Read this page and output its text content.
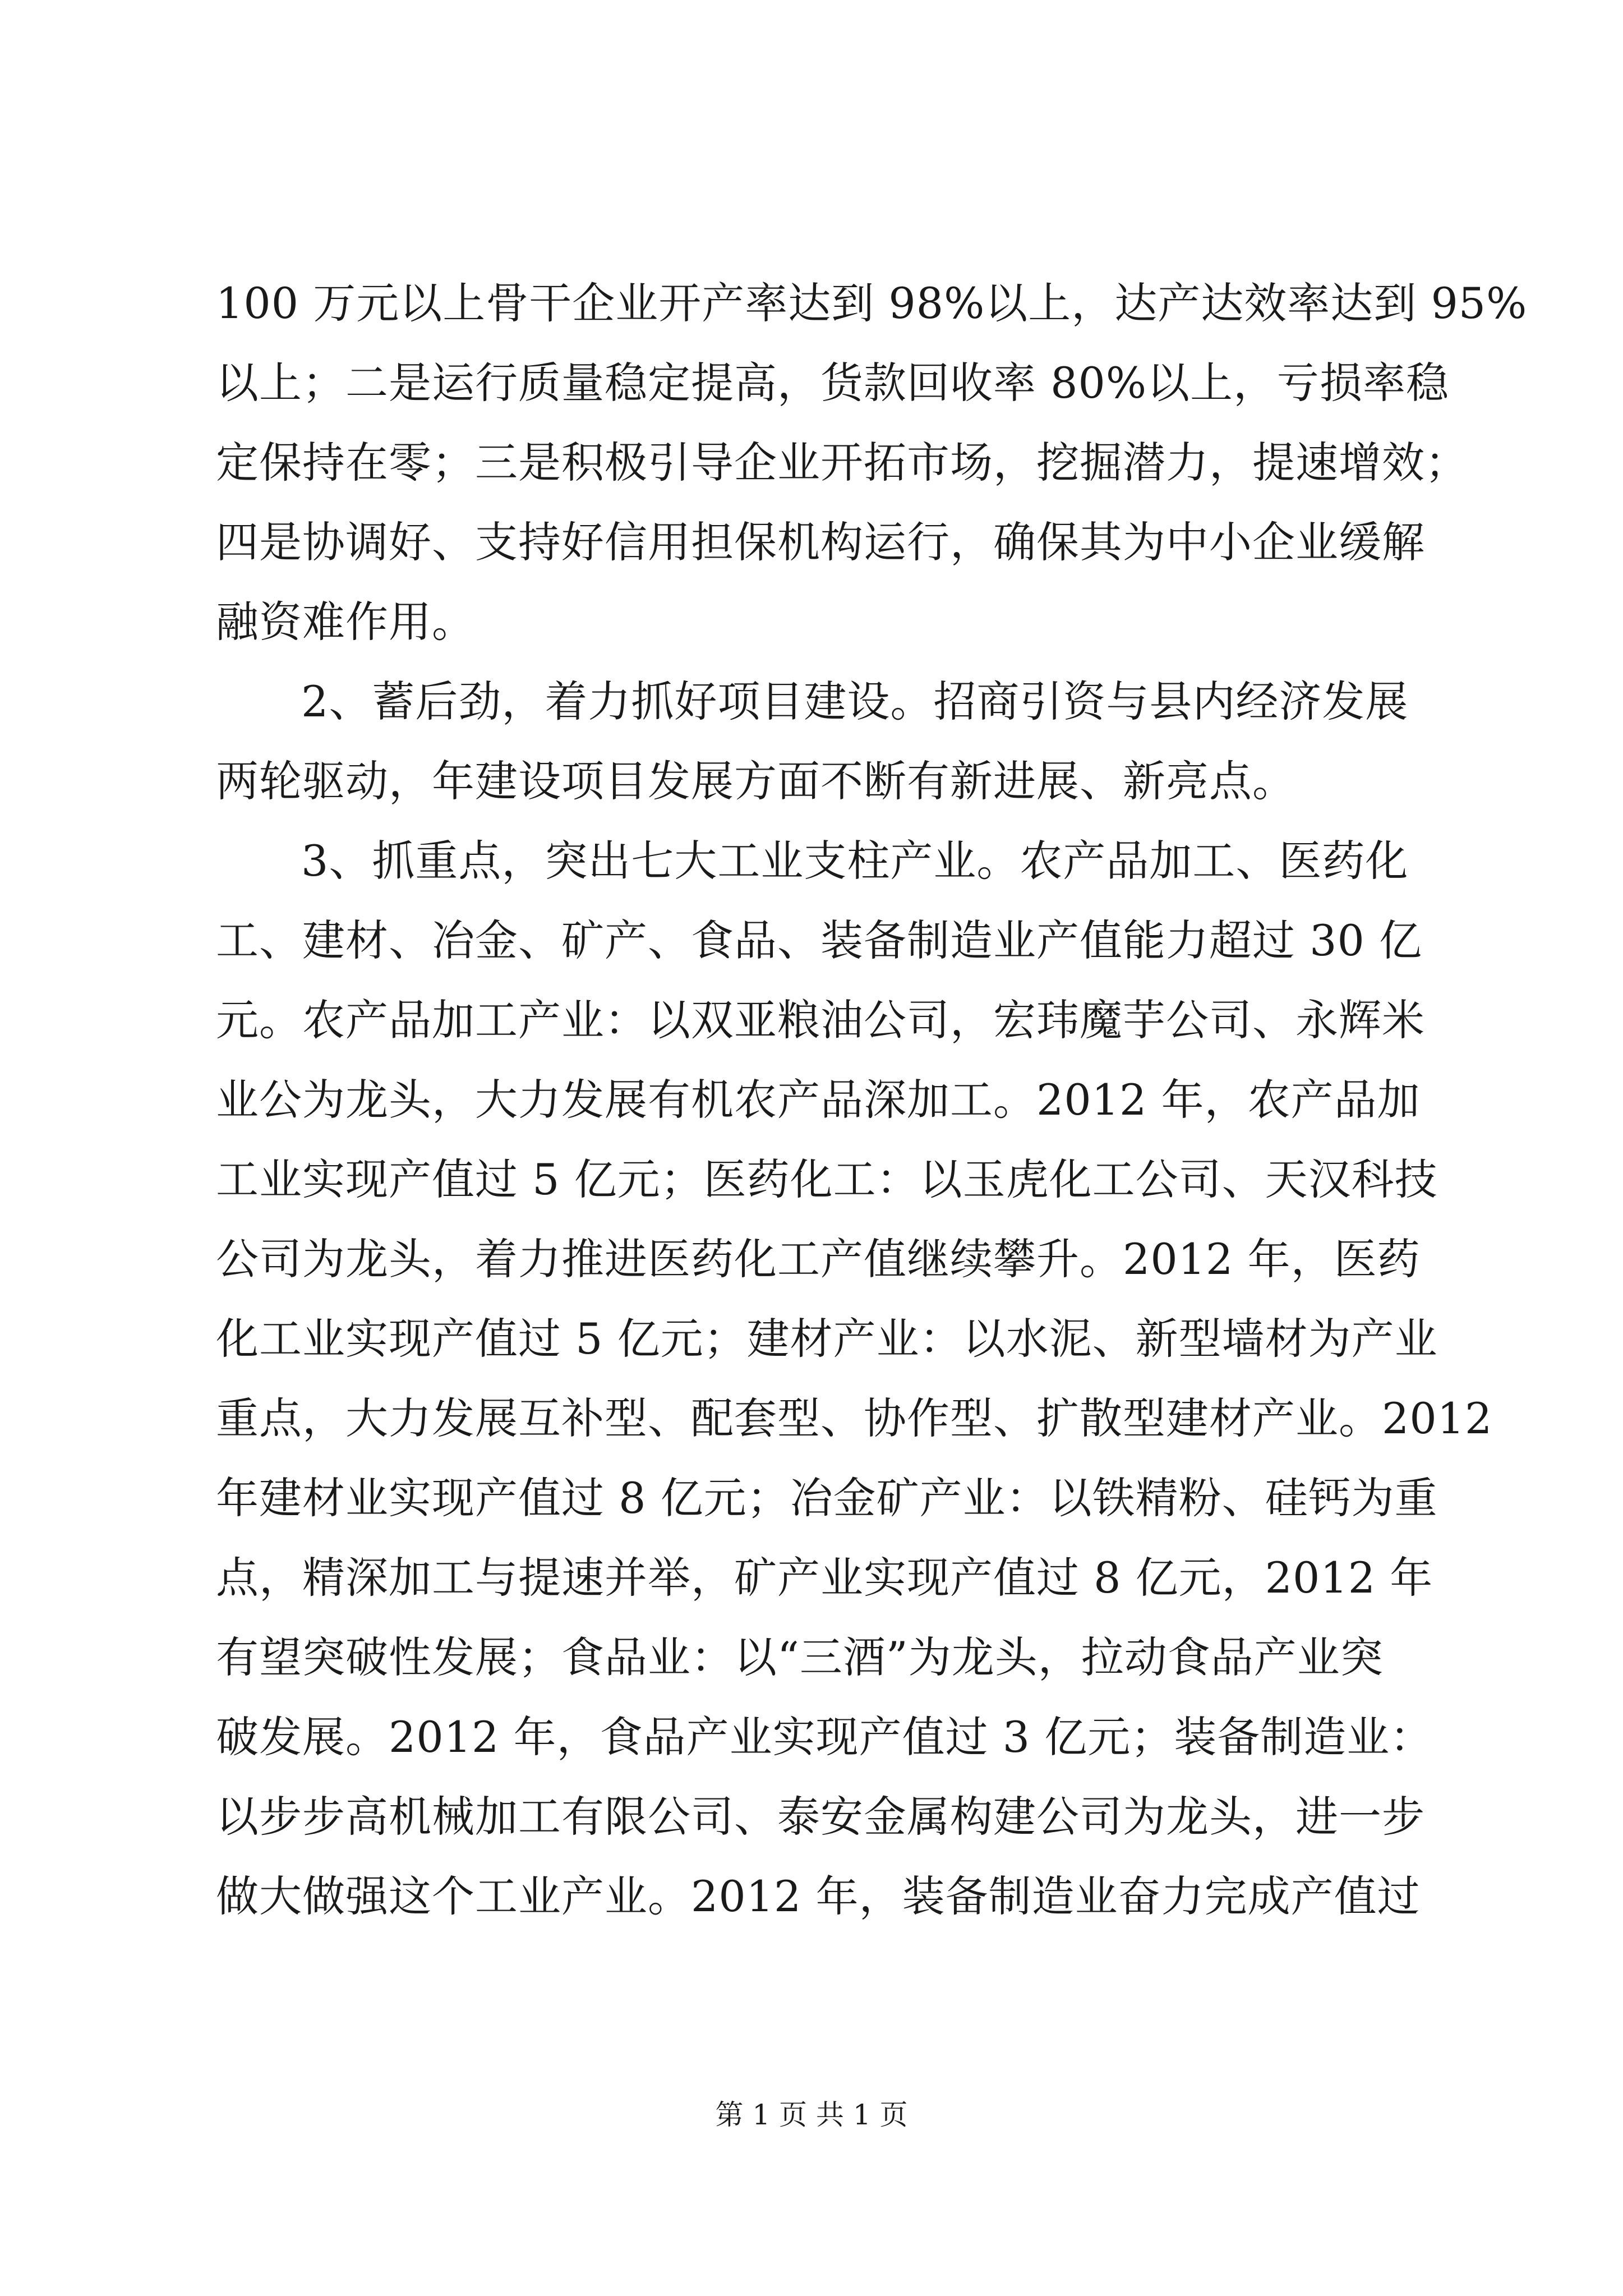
100 万元以上骨干企业开产率达到 98%以上，达产达效率达到 95%
以上；二是运行质量稳定提高，货款回收率 80%以上，亏损率稳
定保持在零；三是积极引导企业开拓市场，挖掘潜力，提速增效；
四是协调好、支持好信用担保机构运行，确保其为中小企业缓解
融资难作用。
2、蓄后劲，着力抓好项目建设。招商引资与县内经济发展
两轮驱动，年建设项目发展方面不断有新进展、新亮点。
3、抓重点，突出七大工业支柱产业。农产品加工、医药化
工、建材、冶金、矿产、食品、装备制造业产值能力超过 30 亿
元。农产品加工产业：以双亚粮油公司，宏玮魔芋公司、永辉米
业公为龙头，大力发展有机农产品深加工。2012 年，农产品加
工业实现产值过 5 亿元；医药化工：以玉虎化工公司、天汉科技
公司为龙头，着力推进医药化工产值继续攀升。2012 年，医药
化工业实现产值过 5 亿元；建材产业：以水泥、新型墙材为产业
重点，大力发展互补型、配套型、协作型、扩散型建材产业。2012
年建材业实现产值过 8 亿元；冶金矿产业：以铁精粉、硅钙为重
点，精深加工与提速并举，矿产业实现产值过 8 亿元，2012 年
有望突破性发展；食品业：以“三酒”为龙头，拉动食品产业突
破发展。2012 年，食品产业实现产值过 3 亿元；装备制造业：
以步步高机械加工有限公司、泰安金属构建公司为龙头，进一步
做大做强这个工业产业。2012 年，装备制造业奋力完成产值过
第 1 页 共 1 页
